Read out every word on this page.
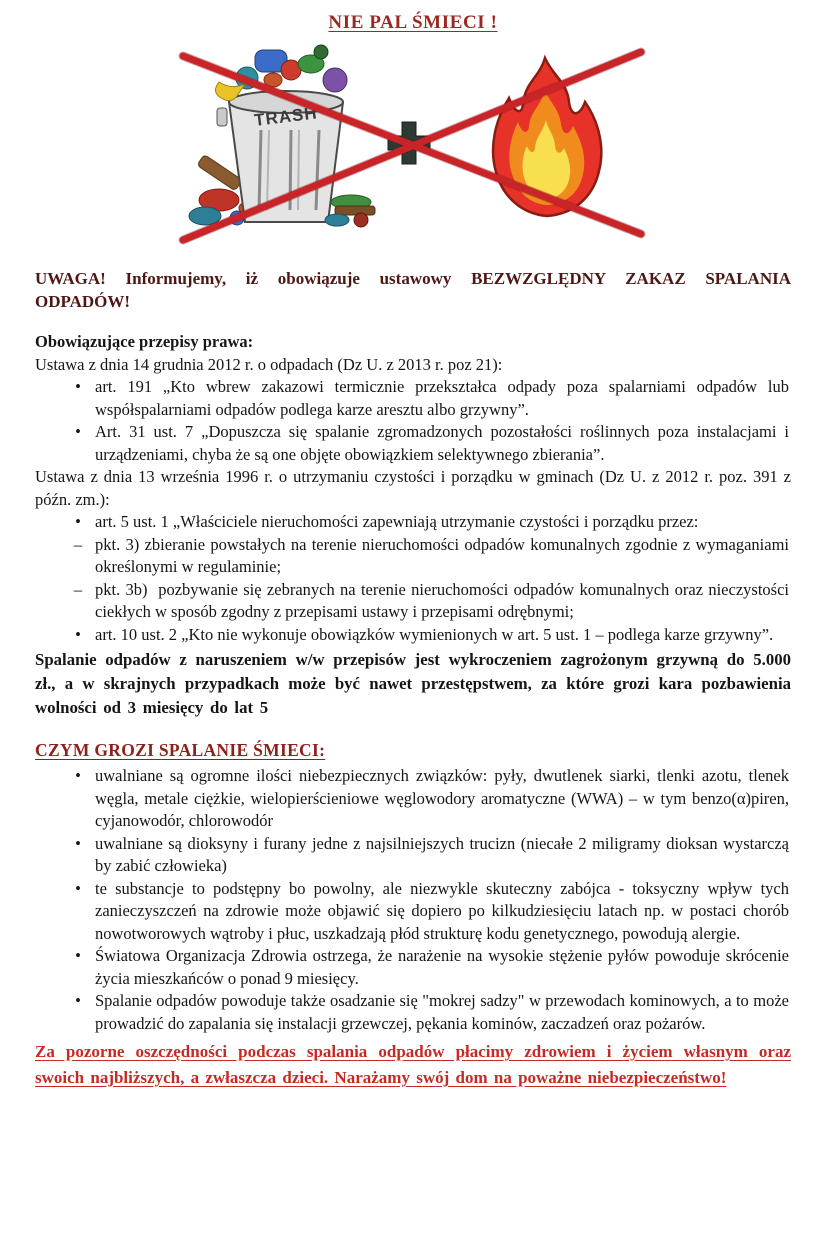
NIE PAL ŚMIECI !
TRASH

UWAGA! Informujemy, iż obowiązuje ustawowy BEZWZGLĘDNY ZAKAZ SPALANIA ODPADÓW!

Obowiązujące przepisy prawa:

Ustawa z dnia 14 grudnia 2012 r. o odpadach (Dz U. z 2013 r. poz 21):

• art. 191 „Kto wbrew zakazowi termicznie przekształca odpady poza spalarniami odpadów lub współspalarniami odpadów podlega karze aresztu albo grzywny”.
• Art. 31 ust. 7 „Dopuszcza się spalanie zgromadzonych pozostałości roślinnych poza instalacjami i urządzeniami, chyba że są one objęte obowiązkiem selektywnego zbierania”.

Ustawa z dnia 13 września 1996 r. o utrzymaniu czystości i porządku w gminach (Dz U. z 2012 r. poz. 391 z późn. zm.):

• art. 5 ust. 1 „Właściciele nieruchomości zapewniają utrzymanie czystości i porządku przez:
– pkt. 3) zbieranie powstałych na terenie nieruchomości odpadów komunalnych zgodnie z wymaganiami określonymi w regulaminie;
– pkt. 3b)  pozbywanie się zebranych na terenie nieruchomości odpadów komunalnych oraz nieczystości ciekłych w sposób zgodny z przepisami ustawy i przepisami odrębnymi;
• art. 10 ust. 2 „Kto nie wykonuje obowiązków wymienionych w art. 5 ust. 1 – podlega karze grzywny”.

Spalanie odpadów z naruszeniem w/w przepisów jest wykroczeniem zagrożonym grzywną do 5.000 zł., a w skrajnych przypadkach może być nawet przestępstwem, za które grozi kara pozbawienia wolności od 3 miesięcy do lat 5

CZYM GROZI SPALANIE ŚMIECI:

• uwalniane są ogromne ilości niebezpiecznych związków: pyły, dwutlenek siarki, tlenki azotu, tlenek węgla, metale ciężkie, wielopierścieniowe węglowodory aromatyczne (WWA) – w tym benzo(α)piren, cyjanowodór, chlorowodór
• uwalniane są dioksyny i furany jedne z najsilniejszych trucizn (niecałe 2 miligramy dioksan wystarczą by zabić człowieka)
• te substancje to podstępny bo powolny, ale niezwykle skuteczny zabójca - toksyczny wpływ tych zanieczyszczeń na zdrowie może objawić się dopiero po kilkudziesięciu latach np. w postaci chorób nowotworowych wątroby i płuc, uszkadzają płód strukturę kodu genetycznego, powodują alergie.
• Światowa Organizacja Zdrowia ostrzega, że narażenie na wysokie stężenie pyłów powoduje skrócenie życia mieszkańców o ponad 9 miesięcy.
• Spalanie odpadów powoduje także osadzanie się "mokrej sadzy" w przewodach kominowych, a to może prowadzić do zapalania się instalacji grzewczej, pękania kominów, zaczadzeń oraz pożarów.

Za pozorne oszczędności podczas spalania odpadów płacimy zdrowiem i życiem własnym oraz swoich najbliższych, a zwłaszcza dzieci. Narażamy swój dom na poważne niebezpieczeństwo!
